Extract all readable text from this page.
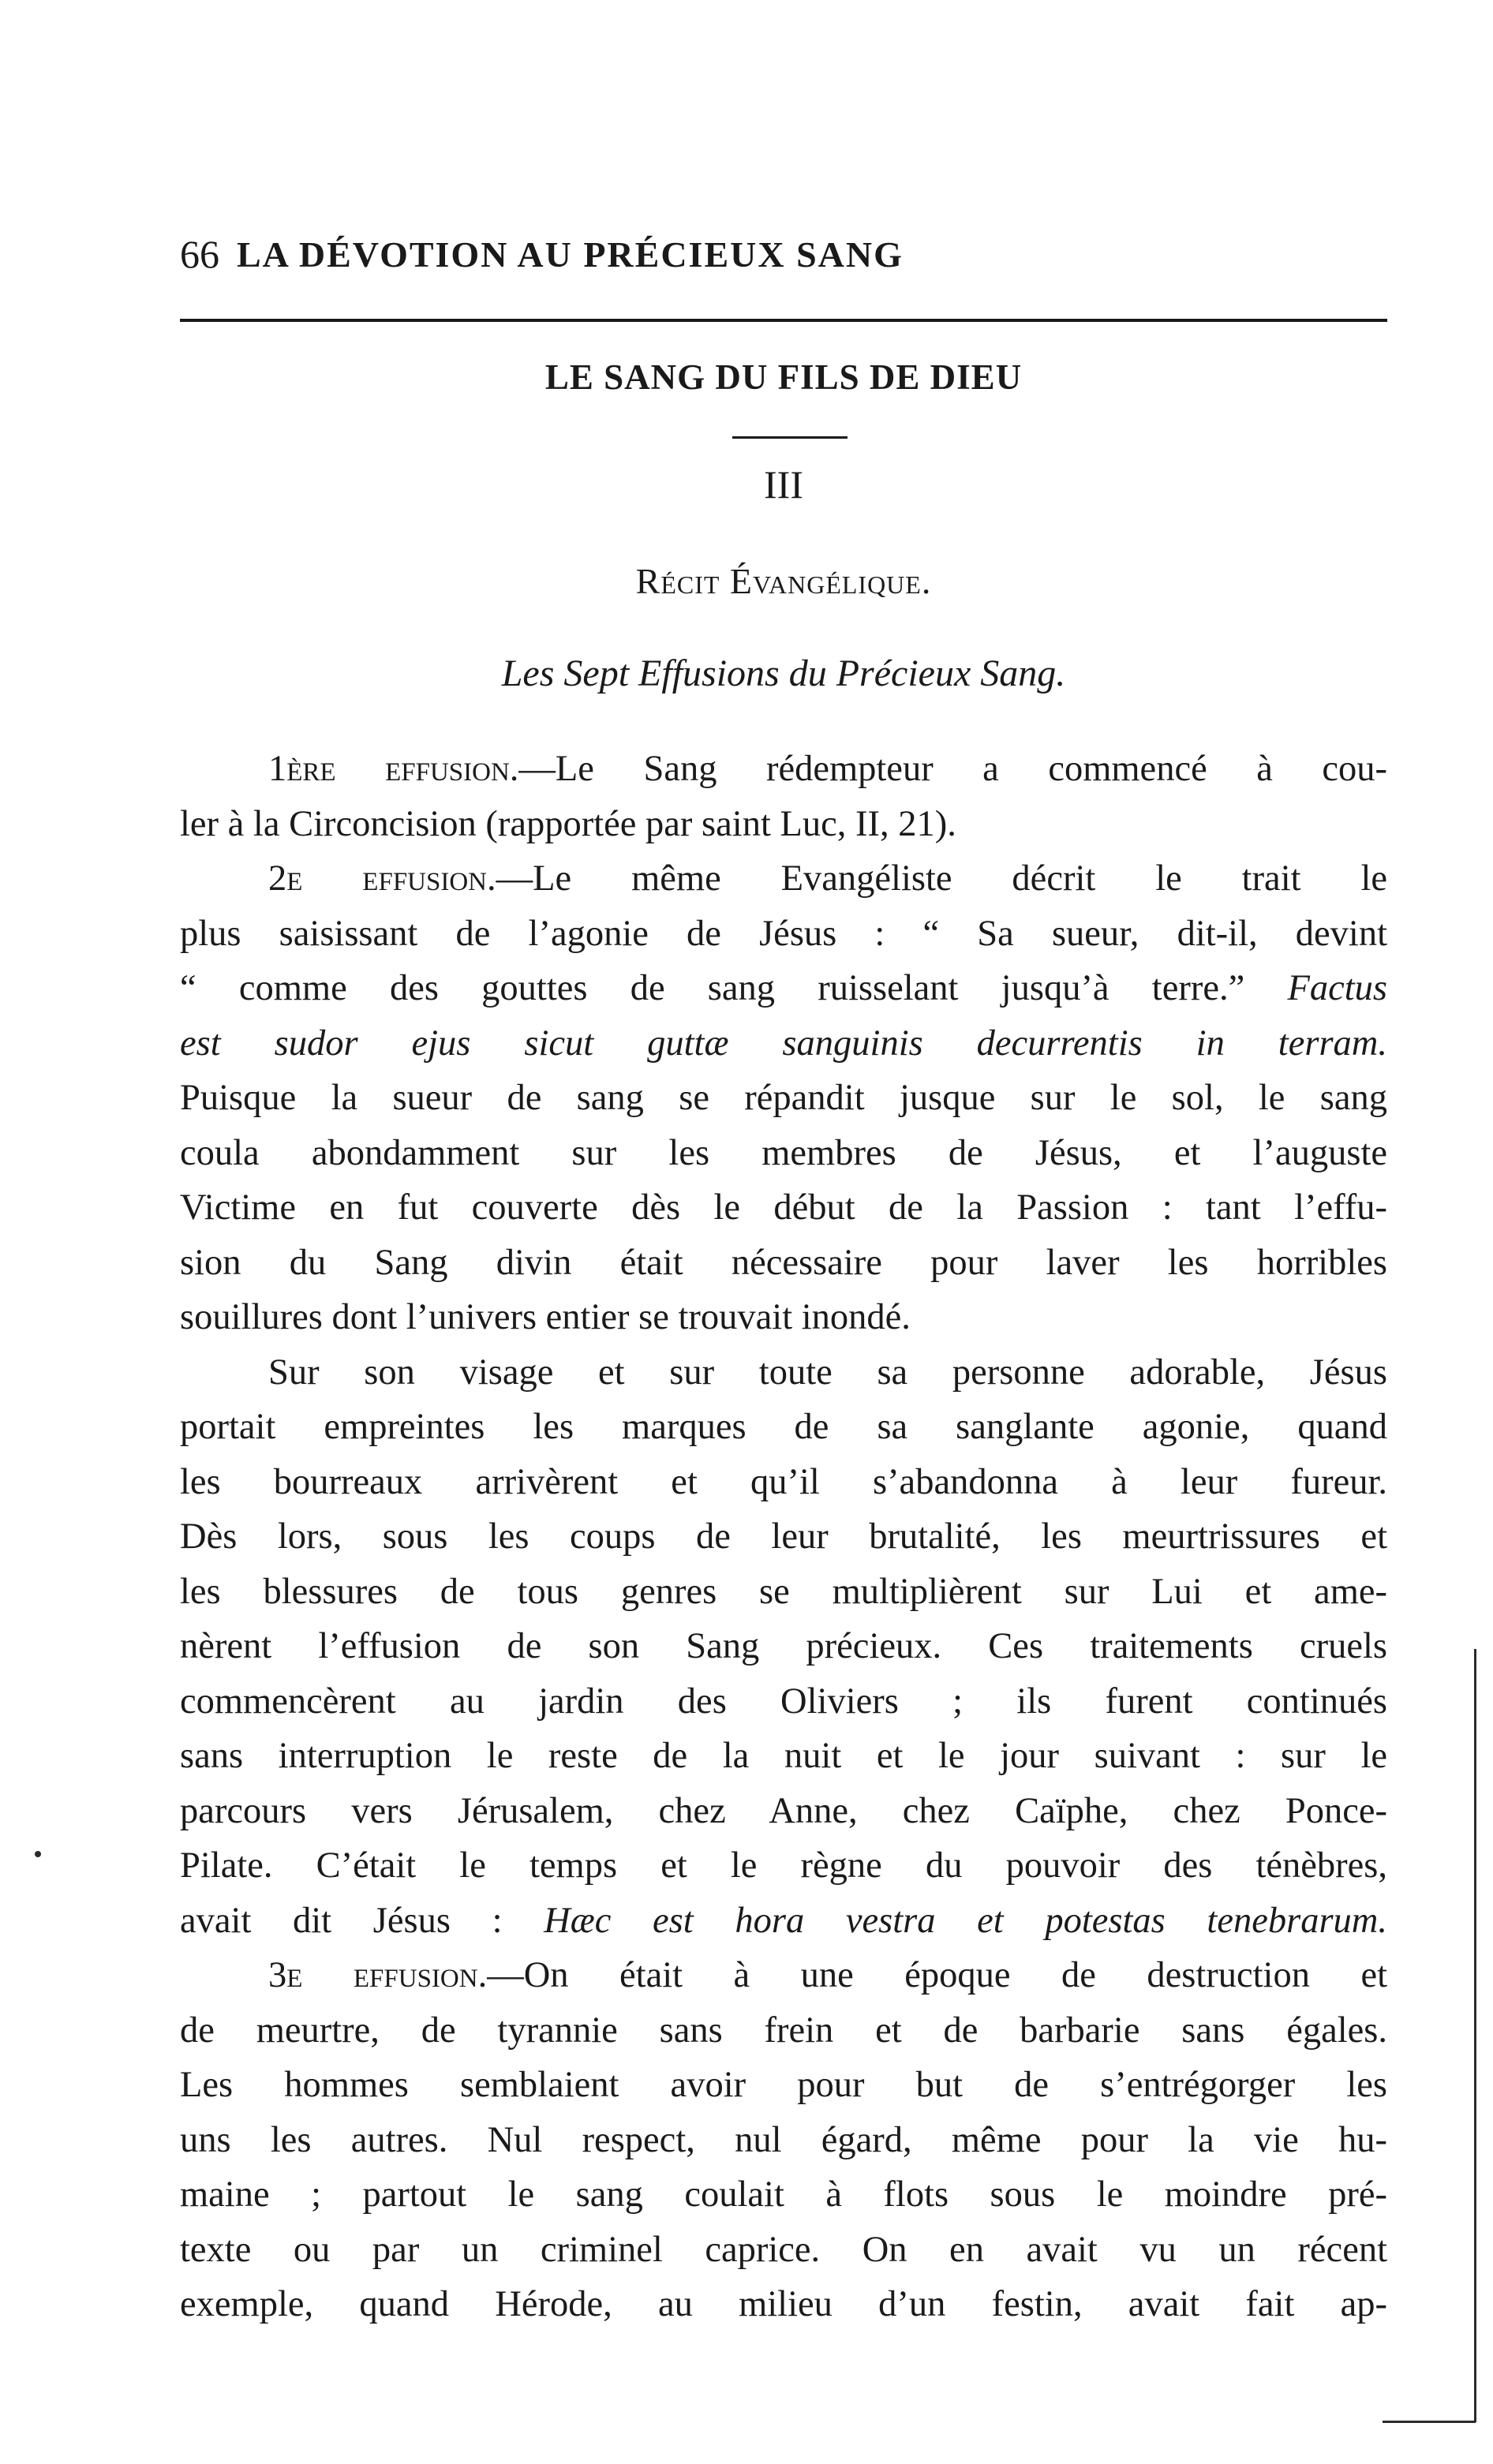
66 LA DÉVOTION AU PRÉCIEUX SANG
LE SANG DU FILS DE DIEU
III
Récit Évangélique.
Les Sept Effusions du Précieux Sang.
1ère effusion.—Le Sang rédempteur a commencé à cou-
ler à la Circoncision (rapportée par saint Luc, II, 21).
2e effusion.—Le même Evangéliste décrit le trait le
plus saisissant de l’agonie de Jésus : “ Sa sueur, dit-il, devint
“ comme des gouttes de sang ruisselant jusqu’à terre.” Factus
est sudor ejus sicut guttæ sanguinis decurrentis in terram.
Puisque la sueur de sang se répandit jusque sur le sol, le sang
coula abondamment sur les membres de Jésus, et l’auguste
Victime en fut couverte dès le début de la Passion : tant l’effu-
sion du Sang divin était nécessaire pour laver les horribles
souillures dont l’univers entier se trouvait inondé.
Sur son visage et sur toute sa personne adorable, Jésus
portait empreintes les marques de sa sanglante agonie, quand
les bourreaux arrivèrent et qu’il s’abandonna à leur fureur.
Dès lors, sous les coups de leur brutalité, les meurtrissures et
les blessures de tous genres se multiplièrent sur Lui et ame-
nèrent l’effusion de son Sang précieux. Ces traitements cruels
commencèrent au jardin des Oliviers ; ils furent continués
sans interruption le reste de la nuit et le jour suivant : sur le
parcours vers Jérusalem, chez Anne, chez Caïphe, chez Ponce-
Pilate. C’était le temps et le règne du pouvoir des ténèbres,
avait dit Jésus : Hæc est hora vestra et potestas tenebrarum.
3e effusion.—On était à une époque de destruction et
de meurtre, de tyrannie sans frein et de barbarie sans égales.
Les hommes semblaient avoir pour but de s’entrégorger les
uns les autres. Nul respect, nul égard, même pour la vie hu-
maine ; partout le sang coulait à flots sous le moindre pré-
texte ou par un criminel caprice. On en avait vu un récent
exemple, quand Hérode, au milieu d’un festin, avait fait ap-
